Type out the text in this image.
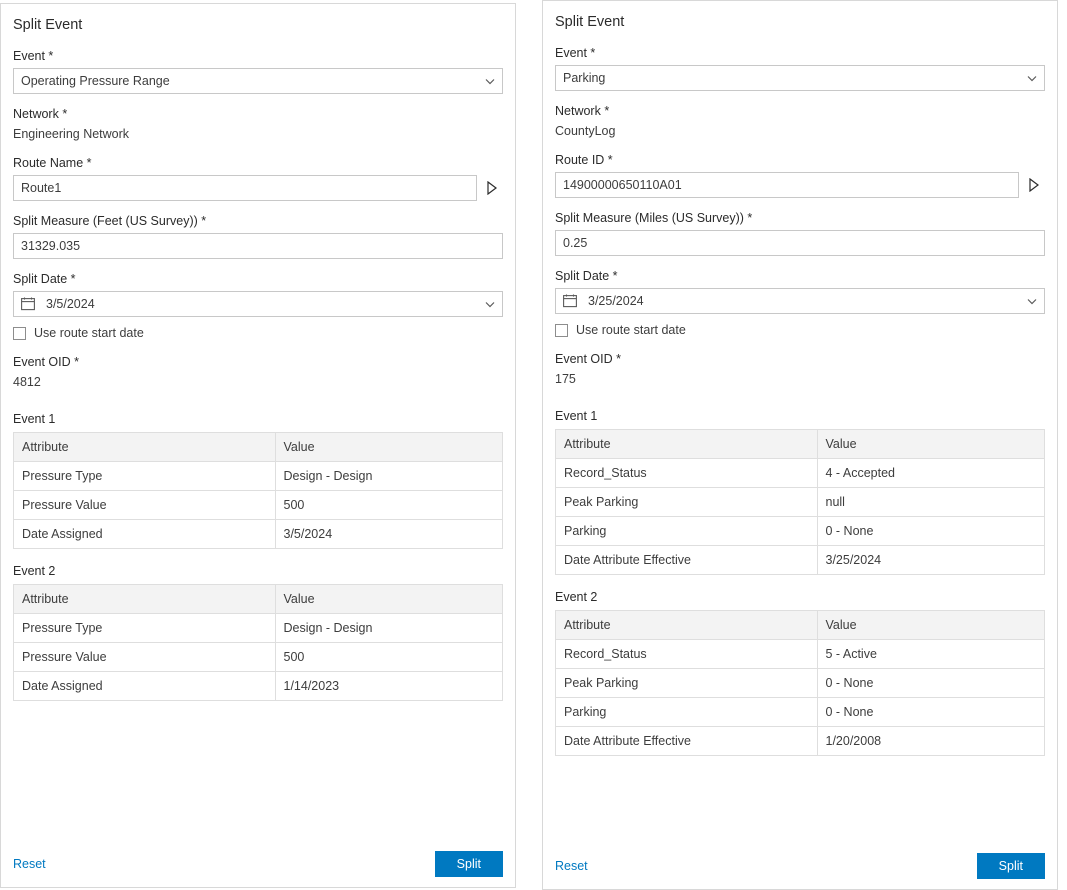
Split Event
Event *
Operating Pressure Range
Network *
Engineering Network
Route Name *
Route1
Split Measure (Feet (US Survey)) *
31329.035
Split Date *
3/5/2024
Use route start date
Event OID *
4812
Event 1
Attribute	Value
Pressure Type	Design - Design
Pressure Value	500
Date Assigned	3/5/2024
Event 2
Attribute	Value
Pressure Type	Design - Design
Pressure Value	500
Date Assigned	1/14/2023
Reset	Split
Split Event
Event *
Parking
Network *
CountyLog
Route ID *
14900000650110A01
Split Measure (Miles (US Survey)) *
0.25
Split Date *
3/25/2024
Use route start date
Event OID *
175
Event 1
Attribute	Value
Record_Status	4 - Accepted
Peak Parking	null
Parking	0 - None
Date Attribute Effective	3/25/2024
Event 2
Attribute	Value
Record_Status	5 - Active
Peak Parking	0 - None
Parking	0 - None
Date Attribute Effective	1/20/2008
Reset	Split
